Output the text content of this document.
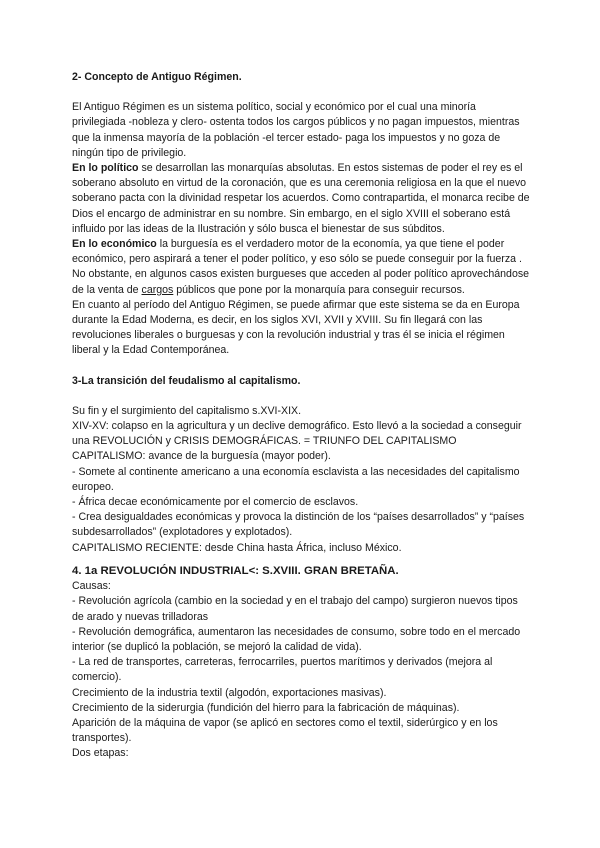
2- Concepto de Antiguo Régimen.

El Antiguo Régimen es un sistema político, social y económico por el cual una minoría privilegiada -nobleza y clero- ostenta todos los cargos públicos y no pagan impuestos, mientras que la inmensa mayoría de la población -el tercer estado- paga los impuestos y no goza de ningún tipo de privilegio.

En lo político se desarrollan las monarquías absolutas. En estos sistemas de poder el rey es el soberano absoluto en virtud de la coronación, que es una ceremonia religiosa en la que el nuevo soberano pacta con la divinidad respetar los acuerdos. Como contrapartida, el monarca recibe de Dios el encargo de administrar en su nombre. Sin embargo, en el siglo XVIII el soberano está influido por las ideas de la Ilustración y sólo busca el bienestar de sus súbditos.

En lo económico la burguesía es el verdadero motor de la economía, ya que tiene el poder económico, pero aspirará a tener el poder político, y eso sólo se puede conseguir por la fuerza . No obstante, en algunos casos existen burgueses que acceden al poder político aprovechándose de la venta de cargos públicos que pone por la monarquía para conseguir recursos.

En cuanto al período del Antiguo Régimen, se puede afirmar que este sistema se da en Europa durante la Edad Moderna, es decir, en los siglos XVI, XVII y XVIII. Su fin llegará con las revoluciones liberales o burguesas y con la revolución industrial y tras él se inicia el régimen liberal y la Edad Contemporánea.

3-La transición del feudalismo al capitalismo.

Su fin y el surgimiento del capitalismo s.XVI-XIX.

XIV-XV: colapso en la agricultura y un declive demográfico. Esto llevó a la sociedad a conseguir una REVOLUCIÓN y CRISIS DEMOGRÁFICAS. = TRIUNFO DEL CAPITALISMO

CAPITALISMO: avance de la burguesía (mayor poder).

- Somete al continente americano a una economía esclavista a las necesidades del capitalismo europeo.

- África decae económicamente por el comercio de esclavos.

- Crea desigualdades económicas y provoca la distinción de los “países desarrollados” y “países subdesarrollados” (explotadores y explotados).

CAPITALISMO RECIENTE: desde China hasta África, incluso México.

4. 1a REVOLUCIÓN INDUSTRIAL<: S.XVIII. GRAN BRETAÑA.

Causas:

- Revolución agrícola (cambio en la sociedad y en el trabajo del campo) surgieron nuevos tipos de arado y nuevas trilladoras

- Revolución demográfica, aumentaron las necesidades de consumo, sobre todo en el mercado interior (se duplicó la población, se mejoró la calidad de vida).

- La red de transportes, carreteras, ferrocarriles, puertos marítimos y derivados (mejora al comercio).

Crecimiento de la industria textil (algodón, exportaciones masivas).

Crecimiento de la siderurgia (fundición del hierro para la fabricación de máquinas).

Aparición de la máquina de vapor (se aplicó en sectores como el textil, siderúrgico y en los transportes).

Dos etapas:
